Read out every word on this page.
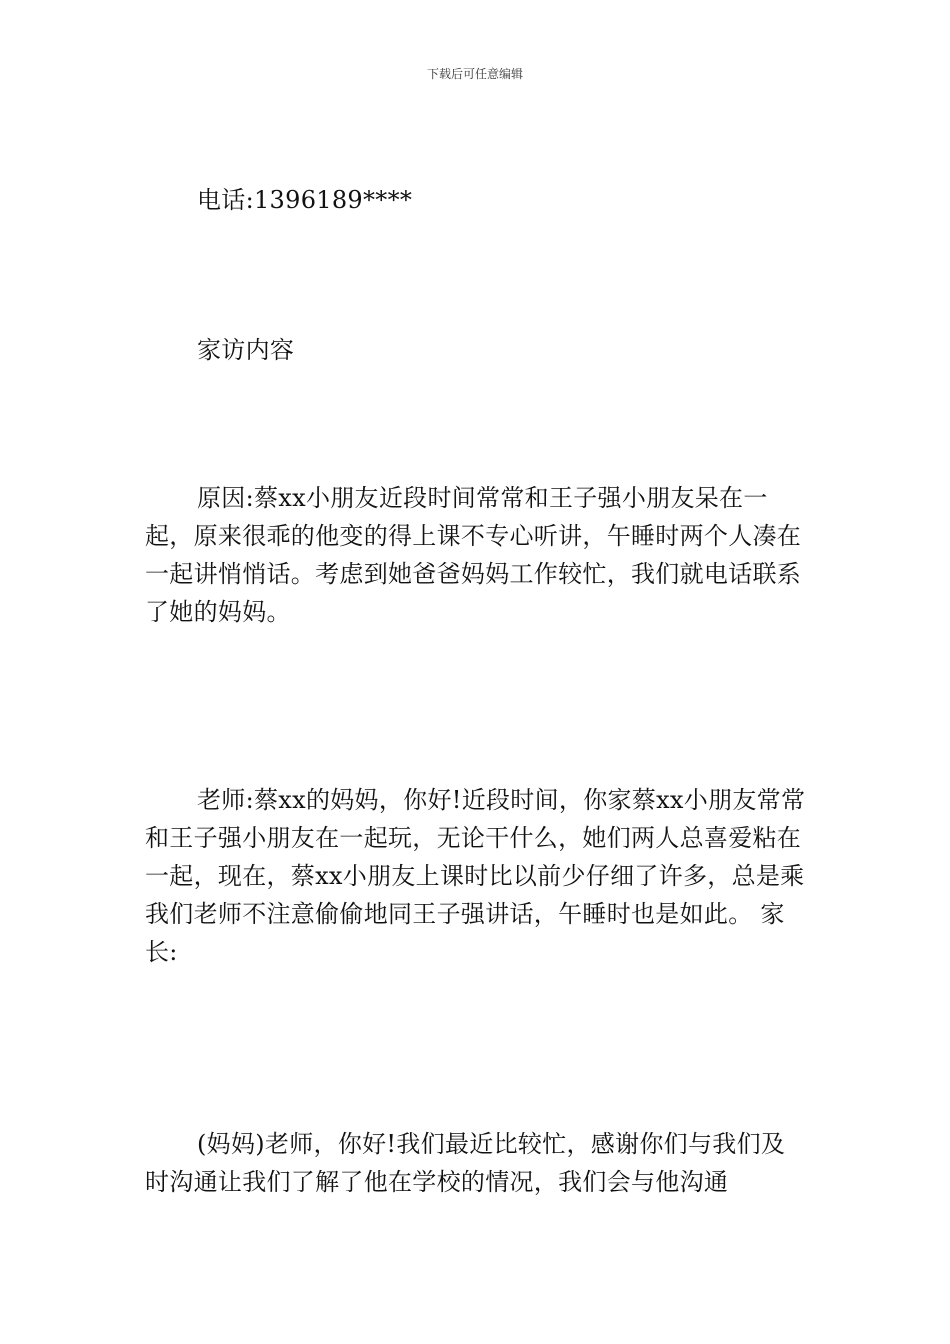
下载后可任意编辑

电话:1396189****

家访内容

原因:蔡xx小朋友近段时间常常和王子强小朋友呆在一起，原来很乖的他变的得上课不专心听讲，午睡时两个人凑在一起讲悄悄话。考虑到她爸爸妈妈工作较忙，我们就电话联系了她的妈妈。

老师:蔡xx的妈妈，你好!近段时间，你家蔡xx小朋友常常和王子强小朋友在一起玩，无论干什么，她们两人总喜爱粘在一起，现在，蔡xx小朋友上课时比以前少仔细了许多，总是乘我们老师不注意偷偷地同王子强讲话，午睡时也是如此。 家长:

(妈妈)老师，你好!我们最近比较忙，感谢你们与我们及时沟通让我们了解了他在学校的情况，我们会与他沟通
